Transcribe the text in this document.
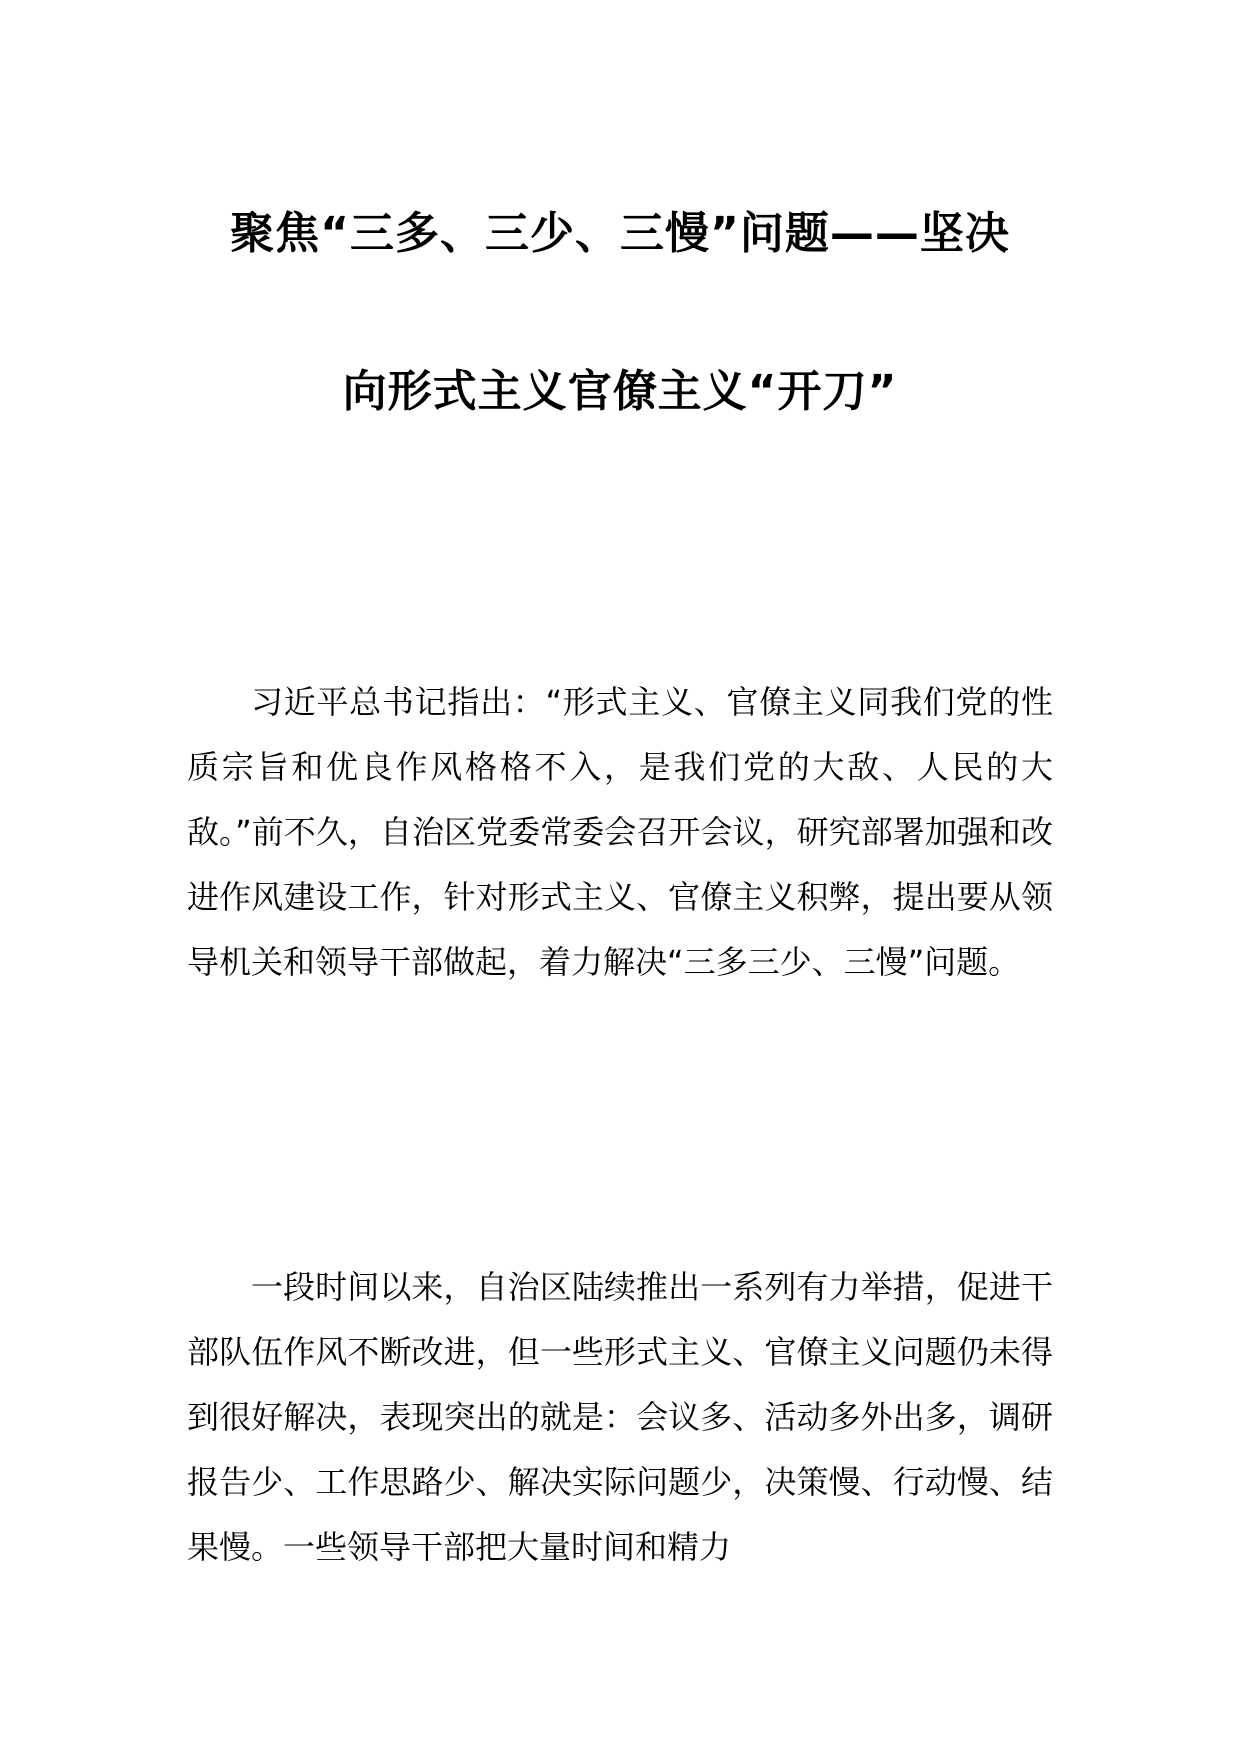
聚焦“三多、三少、三慢”问题——坚决
向形式主义官僚主义“开刀”

习近平总书记指出：“形式主义、官僚主义同我们党的性质宗旨和优良作风格格不入，是我们党的大敌、人民的大敌。”前不久，自治区党委常委会召开会议，研究部署加强和改进作风建设工作，针对形式主义、官僚主义积弊，提出要从领导机关和领导干部做起，着力解决“三多三少、三慢”问题。

一段时间以来，自治区陆续推出一系列有力举措，促进干部队伍作风不断改进，但一些形式主义、官僚主义问题仍未得到很好解决，表现突出的就是：会议多、活动多外出多，调研报告少、工作思路少、解决实际问题少，决策慢、行动慢、结果慢。一些领导干部把大量时间和精力
